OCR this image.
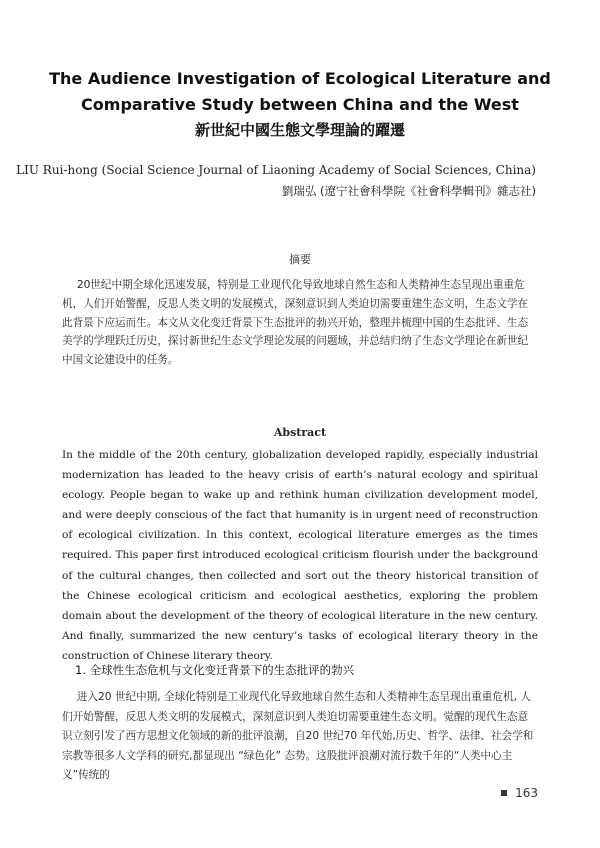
The Audience Investigation of Ecological Literature and
Comparative Study between China and the West
新世紀中國生態文學理論的躍遷
LIU Rui-hong (Social Science Journal of Liaoning Academy of Social Sciences, China)
劉瑞弘 (遼宁社會科學院《社會科學輯刊》雜志社)
摘要

20世纪中期全球化迅速发展，特别是工业现代化导致地球自然生态和人类精神生态呈现出重重危机，人们开始警醒，反思人类文明的发展模式，深刻意识到人类迫切需要重建生态文明，生态文学在此背景下应运而生。本文从文化变迁背景下生态批评的勃兴开始，整理并梳理中国的生态批评、生态美学的学理跃迁历史，探讨新世纪生态文学理论发展的问题域，并总结归纳了生态文学理论在新世纪中国文论建设中的任务。

Abstract

In the middle of the 20th century, globalization developed rapidly, especially industrial modernization has leaded to the heavy crisis of earth’s natural ecology and spiritual ecology. People began to wake up and rethink human civilization development model, and were deeply conscious of the fact that humanity is in urgent need of reconstruction of ecological civilization. In this context, ecological literature emerges as the times required. This paper first introduced ecological criticism flourish under the background of the cultural changes, then collected and sort out the theory historical transition of the Chinese ecological criticism and ecological aesthetics, exploring the problem domain about the development of the theory of ecological literature in the new century. And finally, summarized the new century’s tasks of ecological literary theory in the construction of Chinese literary theory.

1. 全球性生态危机与文化变迁背景下的生态批评的勃兴

进入20 世纪中期, 全球化特别是工业现代化导致地球自然生态和人类精神生态呈现出重重危机, 人们开始警醒，反思人类文明的发展模式，深刻意识到人类迫切需要重建生态文明。觉醒的现代生态意识立刻引发了西方思想文化领域的新的批评浪潮，自20 世纪70 年代始,历史、哲学、法律、社会学和宗教等很多人文学科的研究,都显现出 “绿色化” 态势。这股批评浪潮对流行数千年的“人类中心主义”传统的

163
